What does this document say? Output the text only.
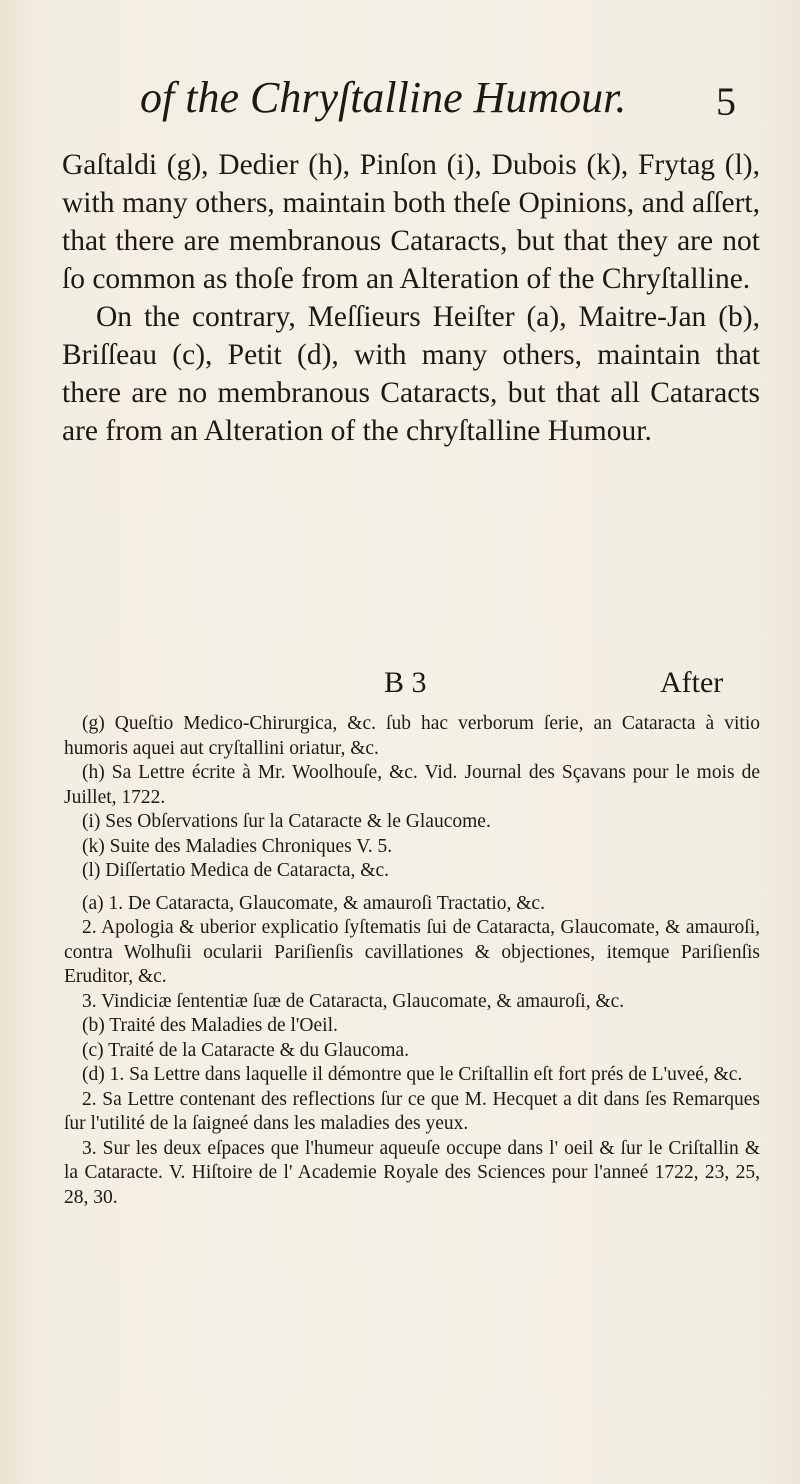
of the Chryſtalline Humour.	5

Gaſtaldi (g), Dedier (h), Pinſon (i), Dubois (k), Frytag (l), with many others, maintain both theſe Opinions, and aſſert, that there are membranous Cataracts, but that they are not ſo common as thoſe from an Alteration of the Chryſtalline.

On the contrary, Meſſieurs Heiſter (a), Maitre-Jan (b), Briſſeau (c), Petit (d), with many others, maintain that there are no membranous Cataracts, but that all Cataracts are from an Alteration of the chryſtalline Humour.

B 3	After

(g) Queſtio Medico-Chirurgica, &c. ſub hac verborum ſerie, an Cataracta à vitio humoris aquei aut cryſtallini oriatur, &c.

(h) Sa Lettre écrite à Mr. Woolhouſe, &c. Vid. Journal des Sçavans pour le mois de Juillet, 1722.

(i) Ses Obſervations ſur la Cataracte & le Glaucome.

(k) Suite des Maladies Chroniques V. 5.

(l) Diſſertatio Medica de Cataracta, &c.

(a) 1. De Cataracta, Glaucomate, & amauroſi Tractatio, &c.

2. Apologia & uberior explicatio ſyſtematis ſui de Cataracta, Glaucomate, & amauroſi, contra Wolhuſii ocularii Pariſienſis cavillationes & objectiones, itemque Pariſienſis Eruditor, &c.

3. Vindiciæ ſententiæ ſuæ de Cataracta, Glaucomate, & amauroſi, &c.

(b) Traité des Maladies de l'Oeil.

(c) Traité de la Cataracte & du Glaucoma.

(d) 1. Sa Lettre dans laquelle il démontre que le Criſtallin eſt fort prés de L'uveé, &c.

2. Sa Lettre contenant des reflections ſur ce que M. Hecquet a dit dans ſes Remarques ſur l'utilité de la ſaigneé dans les maladies des yeux.

3. Sur les deux eſpaces que l'humeur aqueuſe occupe dans l' oeil & ſur le Criſtallin & la Cataracte. V. Hiſtoire de l' Academie Royale des Sciences pour l'anneé 1722, 23, 25, 28, 30.
